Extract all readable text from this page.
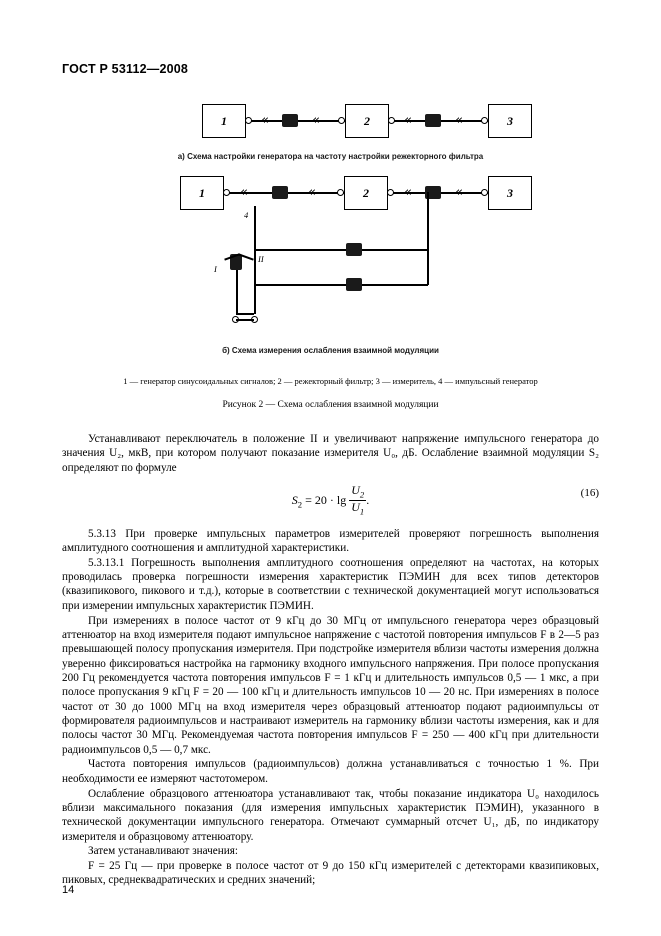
ГОСТ Р 53112—2008
1	2	3
«	«	«	«
а) Схема настройки генератора на частоту настройки режекторного фильтра
1	2	3
«	«	«	«
4
I
II
б) Схема измерения ослабления взаимной модуляции
1 — генератор синусоидальных сигналов; 2 — режекторный фильтр; 3 — измеритель, 4 — импульсный генератор
Рисунок 2 — Схема ослабления взаимной модуляции

Устанавливают переключатель в положение II и увеличивают напряжение импульсного генератора до значения U₂, мкВ, при котором получают показание измерителя U₀, дБ. Ослабление взаимной модуляции S₂ определяют по формуле

$S_2 = 20 \cdot \lg \frac{U_2}{U_1}$ .	(16)

5.3.13 При проверке импульсных параметров измерителей проверяют погрешность выполнения амплитудного соотношения и амплитудной характеристики.

5.3.13.1 Погрешность выполнения амплитудного соотношения определяют на частотах, на которых проводилась проверка погрешности измерения характеристик ПЭМИН для всех типов детекторов (квазипикового, пикового и т.д.), которые в соответствии с технической документацией могут использоваться при измерении импульсных характеристик ПЭМИН.

При измерениях в полосе частот от 9 кГц до 30 МГц от импульсного генератора через образцовый аттенюатор на вход измерителя подают импульсное напряжение с частотой повторения импульсов F в 2—5 раз превышающей полосу пропускания измерителя. При подстройке измерителя вблизи частоты измерения должна уверенно фиксироваться настройка на гармонику входного импульсного напряжения. При полосе пропускания 200 Гц рекомендуется частота повторения импульсов F = 1 кГц и длительность импульсов 0,5 — 1 мкс, а при полосе пропускания 9 кГц F = 20 — 100 кГц и длительность импульсов 10 — 20 нс. При измерениях в полосе частот от 30 до 1000 МГц на вход измерителя через образцовый аттенюатор подают радиоимпульсы от формирователя радиоимпульсов и настраивают измеритель на гармонику вблизи частоты измерения, как и для полосы частот 30 МГц. Рекомендуемая частота повторения импульсов F = 250 — 400 кГц при длительности радиоимпульсов 0,5 — 0,7 мкс.

Частота повторения импульсов (радиоимпульсов) должна устанавливаться с точностью 1 %. При необходимости ее измеряют частотомером.

Ослабление образцового аттенюатора устанавливают так, чтобы показание индикатора U₀ находилось вблизи максимального показания (для измерения импульсных характеристик ПЭМИН), указанного в технической документации импульсного генератора. Отмечают суммарный отсчет U₁, дБ, по индикатору измерителя и образцовому аттенюатору.

Затем устанавливают значения:

F = 25 Гц — при проверке в полосе частот от 9 до 150 кГц измерителей с детекторами квазипиковых, пиковых, среднеквадратических и средних значений;

14
